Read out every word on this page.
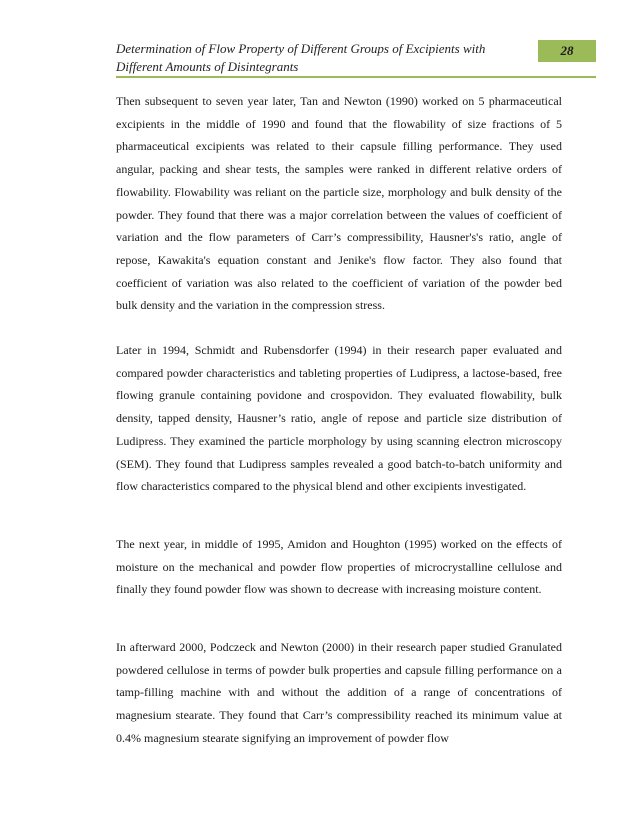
Determination of Flow Property of Different Groups of Excipients with Different Amounts of Disintegrants
28

Then subsequent to seven year later, Tan and Newton (1990) worked on 5 pharmaceutical excipients in the middle of 1990 and found that the flowability of size fractions of 5 pharmaceutical excipients was related to their capsule filling performance. They used angular, packing and shear tests, the samples were ranked in different relative orders of flowability. Flowability was reliant on the particle size, morphology and bulk density of the powder. They found that there was a major correlation between the values of coefficient of variation and the flow parameters of Carr’s compressibility, Hausner's's ratio, angle of repose, Kawakita's equation constant and Jenike's flow factor. They also found that coefficient of variation was also related to the coefficient of variation of the powder bed bulk density and the variation in the compression stress.

Later in 1994, Schmidt and Rubensdorfer (1994) in their research paper evaluated and compared powder characteristics and tableting properties of Ludipress, a lactose-based, free flowing granule containing povidone and crospovidon. They evaluated flowability, bulk density, tapped density, Hausner’s ratio, angle of repose and particle size distribution of Ludipress. They examined the particle morphology by using scanning electron microscopy (SEM). They found that Ludipress samples revealed a good batch-to-batch uniformity and flow characteristics compared to the physical blend and other excipients investigated.

The next year, in middle of 1995, Amidon and Houghton (1995) worked on the effects of moisture on the mechanical and powder flow properties of microcrystalline cellulose and finally they found powder flow was shown to decrease with increasing moisture content.

In afterward 2000, Podczeck and Newton (2000) in their research paper studied Granulated powdered cellulose in terms of powder bulk properties and capsule filling performance on a tamp-filling machine with and without the addition of a range of concentrations of magnesium stearate. They found that Carr’s compressibility reached its minimum value at 0.4% magnesium stearate signifying an improvement of powder flow
